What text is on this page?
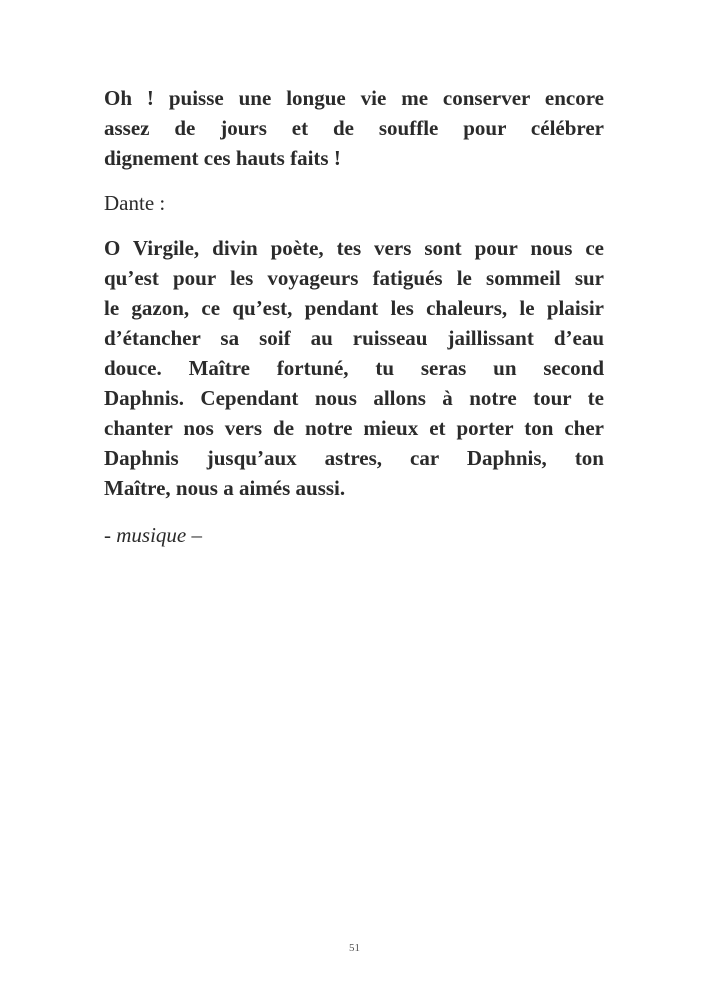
Oh ! puisse une longue vie me conserver encore
assez de jours et de souffle pour célébrer
dignement ces hauts faits !

Dante :

O Virgile, divin poète, tes vers sont pour nous ce
qu’est pour les voyageurs fatigués le sommeil sur
le gazon, ce qu’est, pendant les chaleurs, le plaisir
d’étancher sa soif au ruisseau jaillissant d’eau
douce. Maître fortuné, tu seras un second
Daphnis. Cependant nous allons à notre tour te
chanter nos vers de notre mieux et porter ton cher
Daphnis jusqu’aux astres, car Daphnis, ton
Maître, nous a aimés aussi.

- musique –

51
